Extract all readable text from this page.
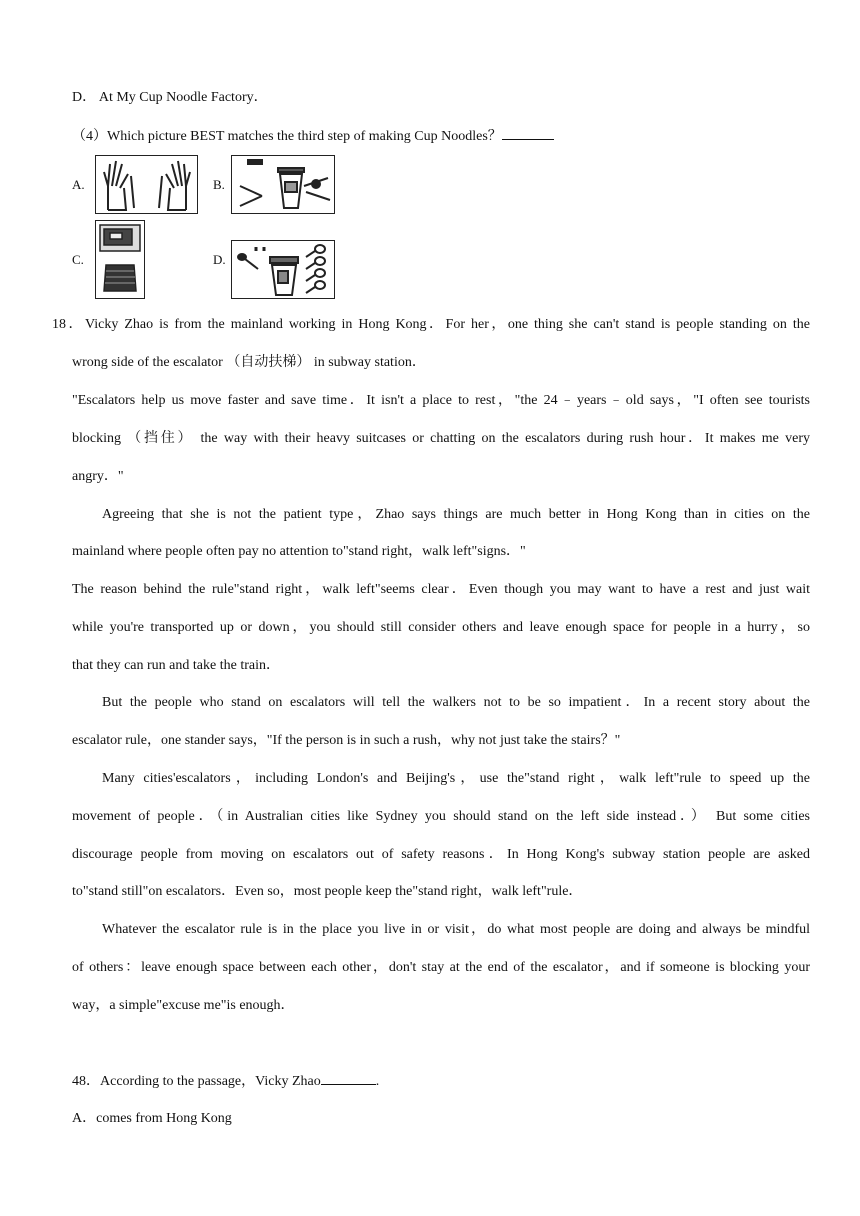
D． At My Cup Noodle Factory．
（4）Which picture BEST matches the third step of making Cup Noodles？
A.	B.
C.	D.
18．Vicky Zhao is from the mainland working in Hong Kong．For her，one thing she can't stand is people standing on the
wrong side of the escalator （自动扶梯） in subway station．
"Escalators help us move faster and save time．It isn't a place to rest，"the 24﹣years﹣old says，"I often see tourists
blocking （挡住） the way with their heavy suitcases or chatting on the escalators during rush hour．It makes me very
angry．"
Agreeing that she is not the patient type，Zhao says things are much better in Hong Kong than in cities on the
mainland where people often pay no attention to"stand right，walk left"signs．"
The reason behind the rule"stand right，walk left"seems clear．Even though you may want to have a rest and just wait
while you're transported up or down，you should still consider others and leave enough space for people in a hurry，so
that they can run and take the train．
But the people who stand on escalators will tell the walkers not to be so impatient．In a recent story about the
escalator rule，one stander says，"If the person is in such a rush，why not just take the stairs？"
Many cities'escalators，including London's and Beijing's，use the"stand right，walk left"rule to speed up the
movement of people．（in Australian cities like Sydney you should stand on the left side instead．） But some cities
discourage people from moving on escalators out of safety reasons．In Hong Kong's subway station people are asked
to"stand still"on escalators．Even so，most people keep the"stand right，walk left"rule．
Whatever the escalator rule is in the place you live in or visit，do what most people are doing and always be mindful
of others：leave enough space between each other，don't stay at the end of the escalator，and if someone is blocking your
way，a simple"excuse me"is enough．
48．According to the passage，Vicky Zhao	.
A．comes from Hong Kong
